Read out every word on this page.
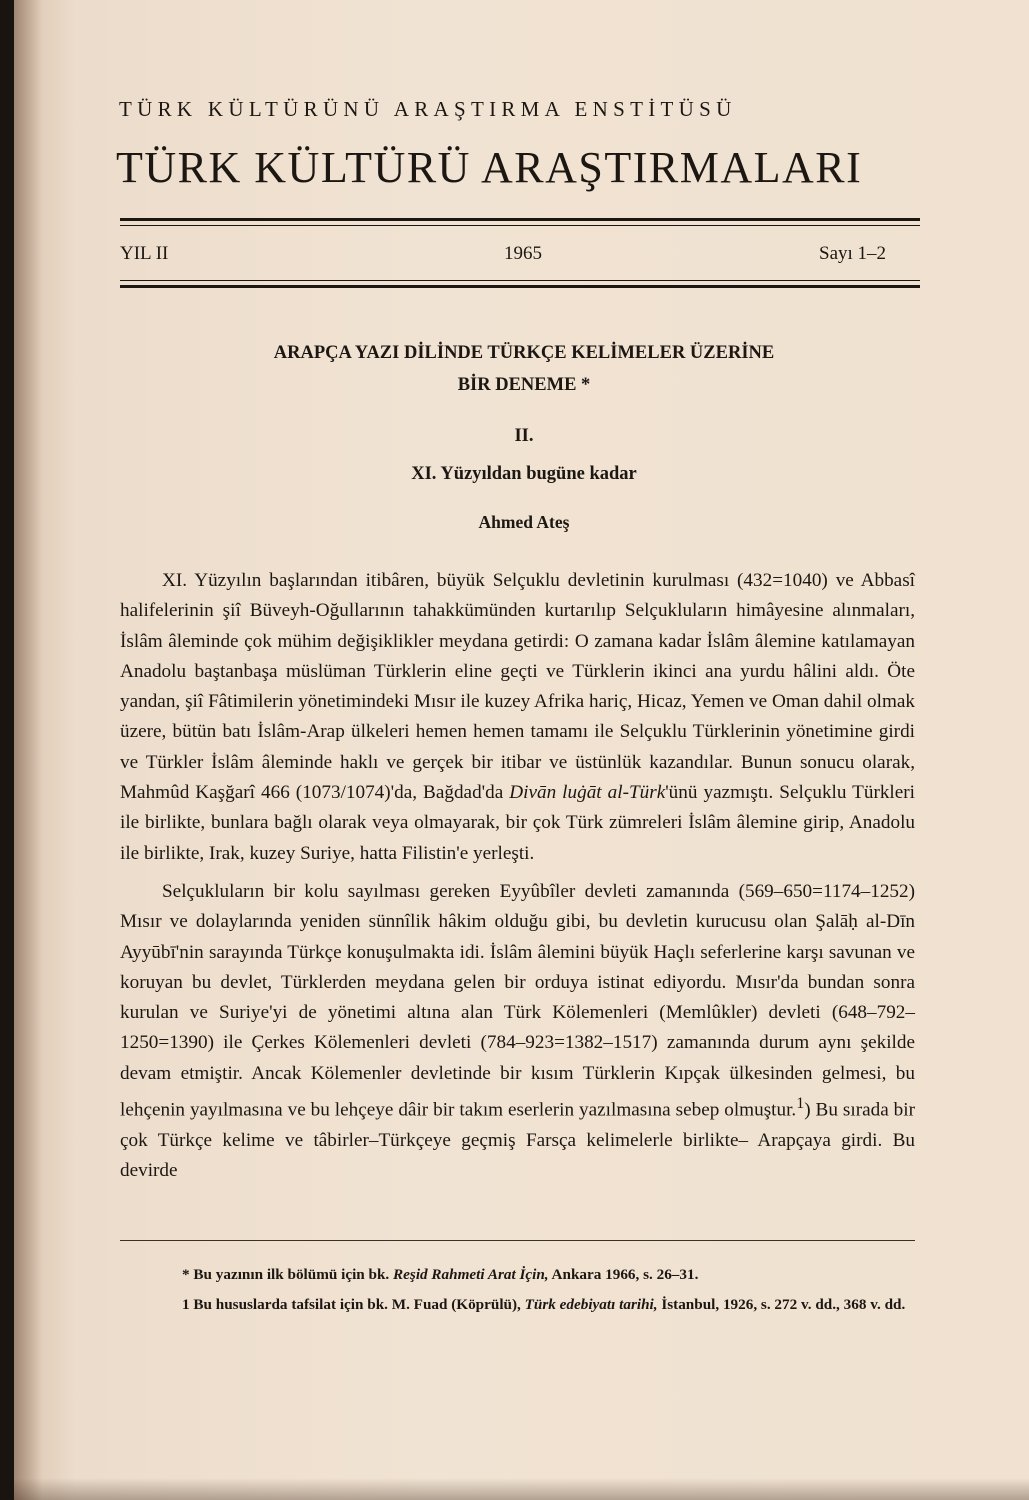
TÜRK KÜLTÜRÜNÜ ARAŞTIRMA ENSTİTÜSÜ
TÜRK KÜLTÜRÜ ARAŞTIRMALARI
YIL II	1965	Sayı 1–2
ARAPÇA YAZI DİLİNDE TÜRKÇE KELİMELER ÜZERİNE
BİR DENEME *
II.
XI. Yüzyıldan bugüne kadar
Ahmed Ateş

XI. Yüzyılın başlarından itibâren, büyük Selçuklu devletinin kurulması (432=1040) ve Abbasî halifelerinin şiî Büveyh-Oğullarının tahakkümünden kurtarılıp Selçukluların himâyesine alınmaları, İslâm âleminde çok mühim değişiklikler meydana getirdi: O zamana kadar İslâm âlemine katılamayan Anadolu baştanbaşa müslüman Türklerin eline geçti ve Türklerin ikinci ana yurdu hâlini aldı. Öte yandan, şiî Fâtimilerin yönetimindeki Mısır ile kuzey Afrika hariç, Hicaz, Yemen ve Oman dahil olmak üzere, bütün batı İslâm-Arap ülkeleri hemen hemen tamamı ile Selçuklu Türklerinin yönetimine girdi ve Türkler İslâm âleminde haklı ve gerçek bir itibar ve üstünlük kazandılar. Bunun sonucu olarak, Mahmûd Kaşğarî 466 (1073/1074)'da, Bağdad'da Divān luġāt al-Türk'ünü yazmıştı. Selçuklu Türkleri ile birlikte, bunlara bağlı olarak veya olmayarak, bir çok Türk zümreleri İslâm âlemine girip, Anadolu ile birlikte, Irak, kuzey Suriye, hatta Filistin'e yerleşti.

Selçukluların bir kolu sayılması gereken Eyyûbîler devleti zamanında (569–650=1174–1252) Mısır ve dolaylarında yeniden sünnîlik hâkim olduğu gibi, bu devletin kurucusu olan Şalāḥ al-Dīn Ayyūbī'nin sarayında Türkçe konuşulmakta idi. İslâm âlemini büyük Haçlı seferlerine karşı savunan ve koruyan bu devlet, Türklerden meydana gelen bir orduya istinat ediyordu. Mısır'da bundan sonra kurulan ve Suriye'yi de yönetimi altına alan Türk Kölemenleri (Memlûkler) devleti (648–792–1250=1390) ile Çerkes Kölemenleri devleti (784–923=1382–1517) zamanında durum aynı şekilde devam etmiştir. Ancak Kölemenler devletinde bir kısım Türklerin Kıpçak ülkesinden gelmesi, bu lehçenin yayılmasına ve bu lehçeye dâir bir takım eserlerin yazılmasına sebep olmuştur.$^1$) Bu sırada bir çok Türkçe kelime ve tâbirler–Türkçeye geçmiş Farsça kelimelerle birlikte– Arapçaya girdi. Bu devirde

* Bu yazının ilk bölümü için bk. Reşid Rahmeti Arat İçin, Ankara 1966, s. 26–31.

1 Bu hususlarda tafsilat için bk. M. Fuad (Köprülü), Türk edebiyatı tarihi, İstanbul, 1926, s. 272 v. dd., 368 v. dd.
